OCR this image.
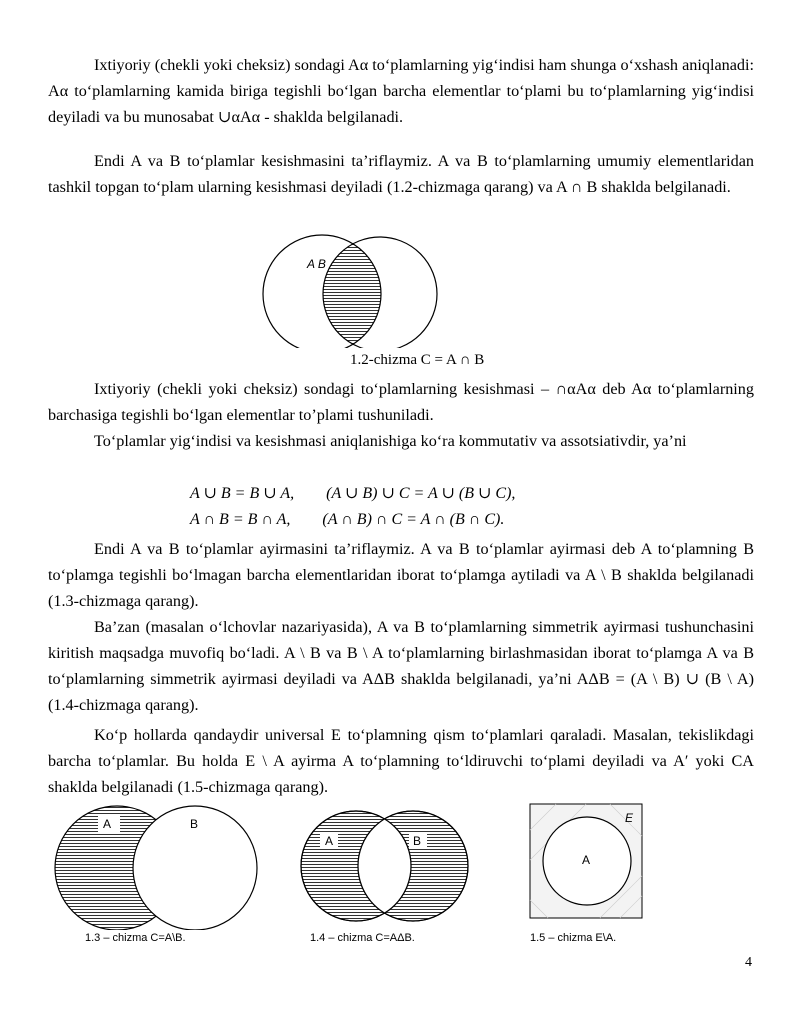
Ixtiyoriy (chekli yoki cheksiz) sondagi Aα to‘plamlarning yig‘indisi ham shunga o‘xshash aniqlanadi: Aα to‘plamlarning kamida biriga tegishli bo‘lgan barcha elementlar to‘plami bu to‘plamlarning yig‘indisi deyiladi va bu munosabat ∪αAα - shaklda belgilanadi.
Endi A va B to‘plamlar kesishmasini ta’riflaymiz. A va B to‘plamlarning umumiy elementlaridan tashkil topgan to‘plam ularning kesishmasi deyiladi (1.2-chizmaga qarang) va A ∩ B shaklda belgilanadi.
A B
1.2-chizma C = A ∩ B
Ixtiyoriy (chekli yoki cheksiz) sondagi to‘plamlarning kesishmasi – ∩αAα deb Aα to‘plamlarning barchasiga tegishli bo‘lgan elementlar to’plami tushuniladi.
To‘plamlar yig‘indisi va kesishmasi aniqlanishiga ko‘ra kommutativ va assotsiativdir, ya’ni
A ∪ B = B ∪ A,        (A ∪ B) ∪ C = A ∪ (B ∪ C),
A ∩ B = B ∩ A,        (A ∩ B) ∩ C = A ∩ (B ∩ C).
Endi A va B to‘plamlar ayirmasini ta’riflaymiz. A va B to‘plamlar ayirmasi deb A to‘plamning B to‘plamga tegishli bo‘lmagan barcha elementlaridan iborat to‘plamga aytiladi va A \ B shaklda belgilanadi (1.3-chizmaga qarang).
Ba’zan (masalan o‘lchovlar nazariyasida), A va B to‘plamlarning simmetrik ayirmasi tushunchasini kiritish maqsadga muvofiq bo‘ladi. A \ B va B \ A to‘plamlarning birlashmasidan iborat to‘plamga A va B to‘plamlarning simmetrik ayirmasi deyiladi va AΔB shaklda belgilanadi, ya’ni AΔB = (A \ B) ∪ (B \ A) (1.4-chizmaga qarang).
Ko‘p hollarda qandaydir universal E to‘plamning qism to‘plamlari qaraladi. Masalan, tekislikdagi barcha to‘plamlar. Bu holda E \ A ayirma A to‘plamning to‘ldiruvchi to‘plami deyiladi va A′ yoki CA shaklda belgilanadi (1.5-chizmaga qarang).
A	B
A	B
E
A
1.3 – chizma C=A\B.	1.4 – chizma C=AΔB.	1.5 – chizma E\A.
4
